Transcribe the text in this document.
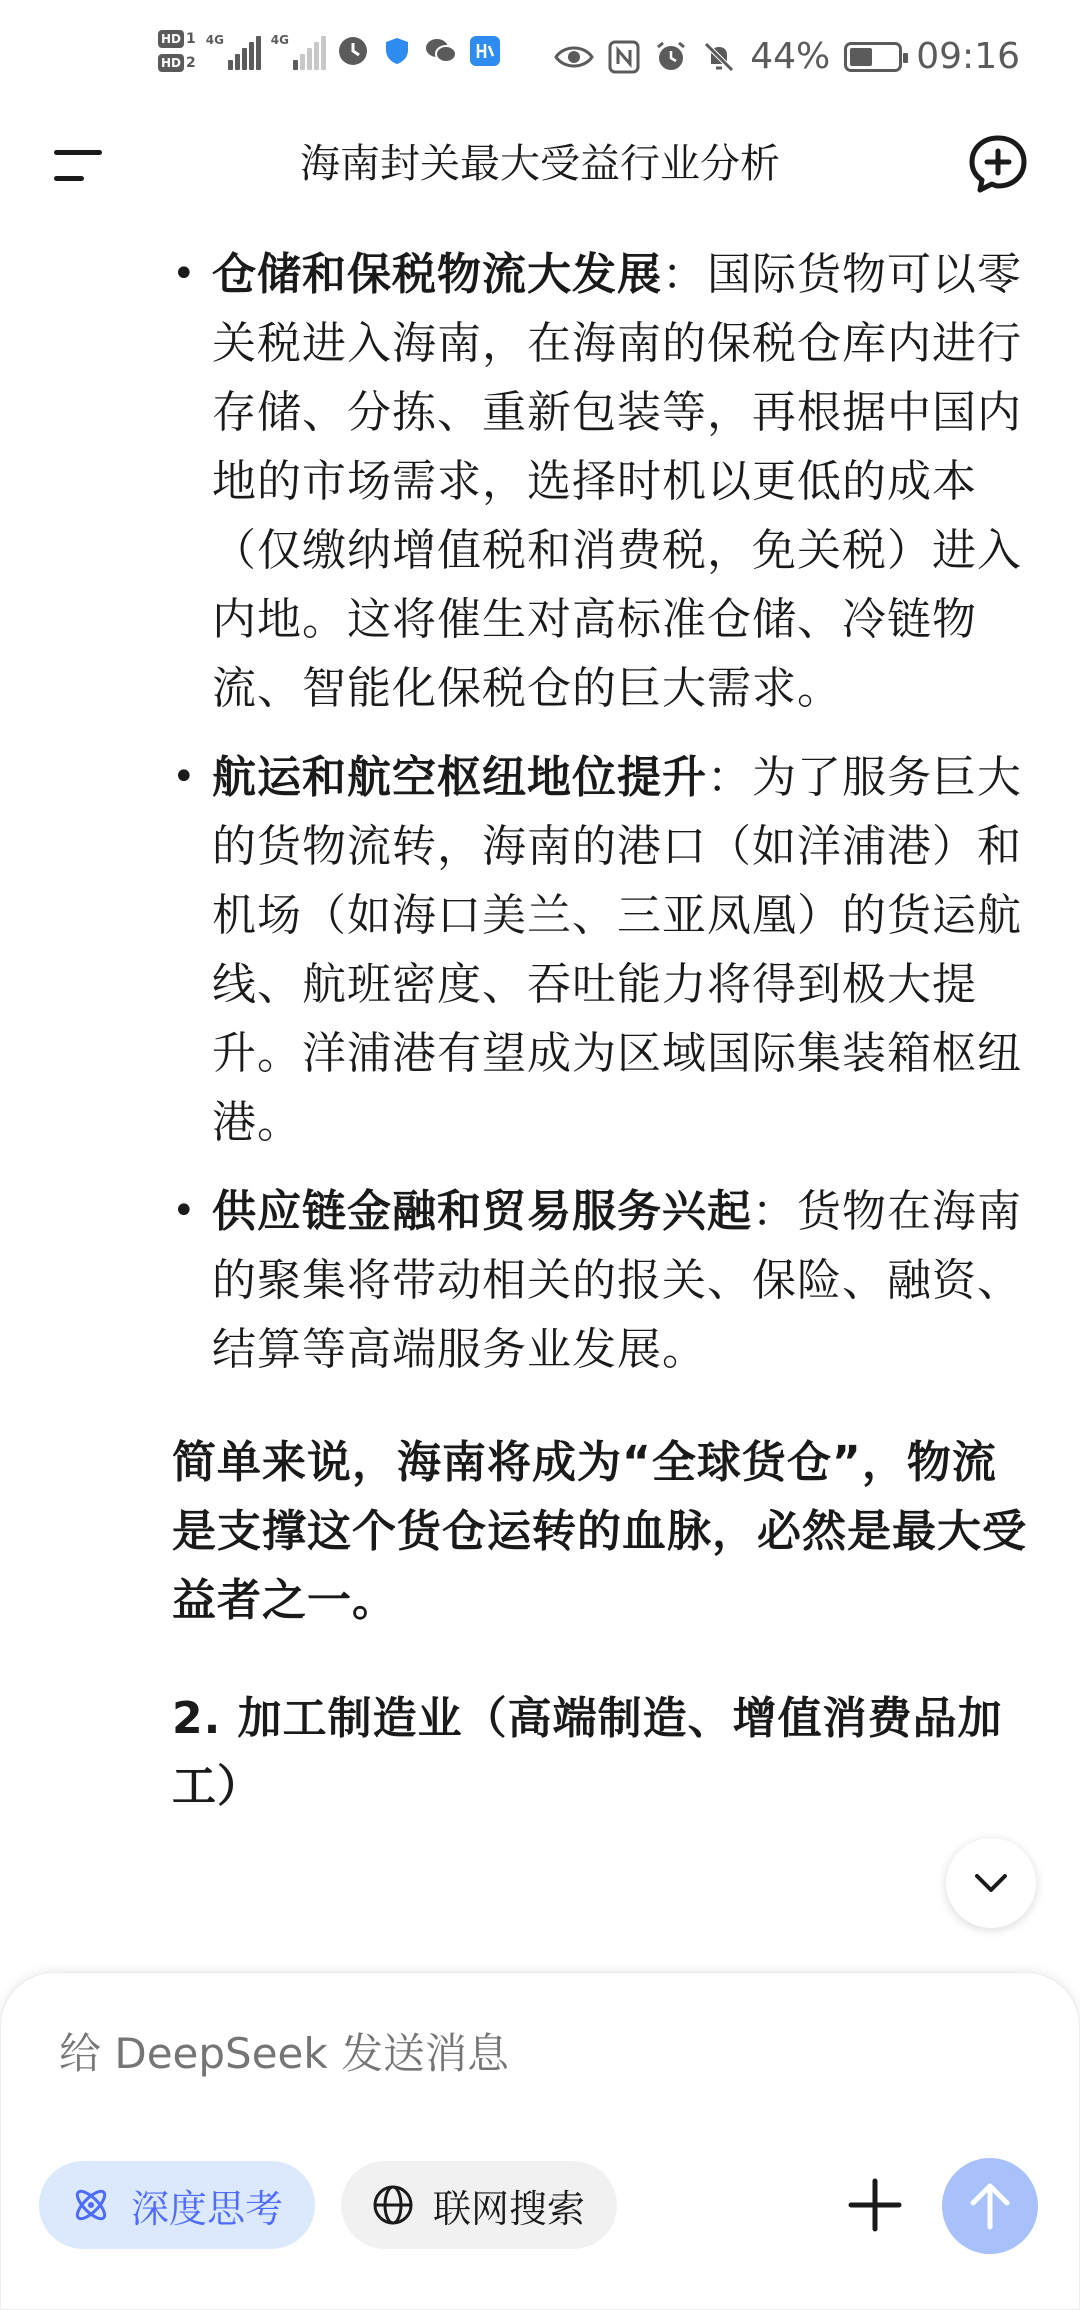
HD 1
HD 2
4G	4G	44% 09:16
海南封关最大受益行业分析
• 仓储和保税物流大发展：国际货物可以零关税进入海南，在海南的保税仓库内进行存储、分拣、重新包装等，再根据中国内地的市场需求，选择时机以更低的成本（仅缴纳增值税和消费税，免关税）进入内地。这将催生对高标准仓储、冷链物流、智能化保税仓的巨大需求。
• 航运和航空枢纽地位提升：为了服务巨大的货物流转，海南的港口（如洋浦港）和机场（如海口美兰、三亚凤凰）的货运航线、航班密度、吞吐能力将得到极大提升。洋浦港有望成为区域国际集装箱枢纽港。
• 供应链金融和贸易服务兴起：货物在海南的聚集将带动相关的报关、保险、融资、结算等高端服务业发展。

简单来说，海南将成为“全球货仓”，物流是支撑这个货仓运转的血脉，必然是最大受益者之一。

2. 加工制造业（高端制造、增值消费品加工）
给 DeepSeek 发送消息
深度思考	联网搜索
